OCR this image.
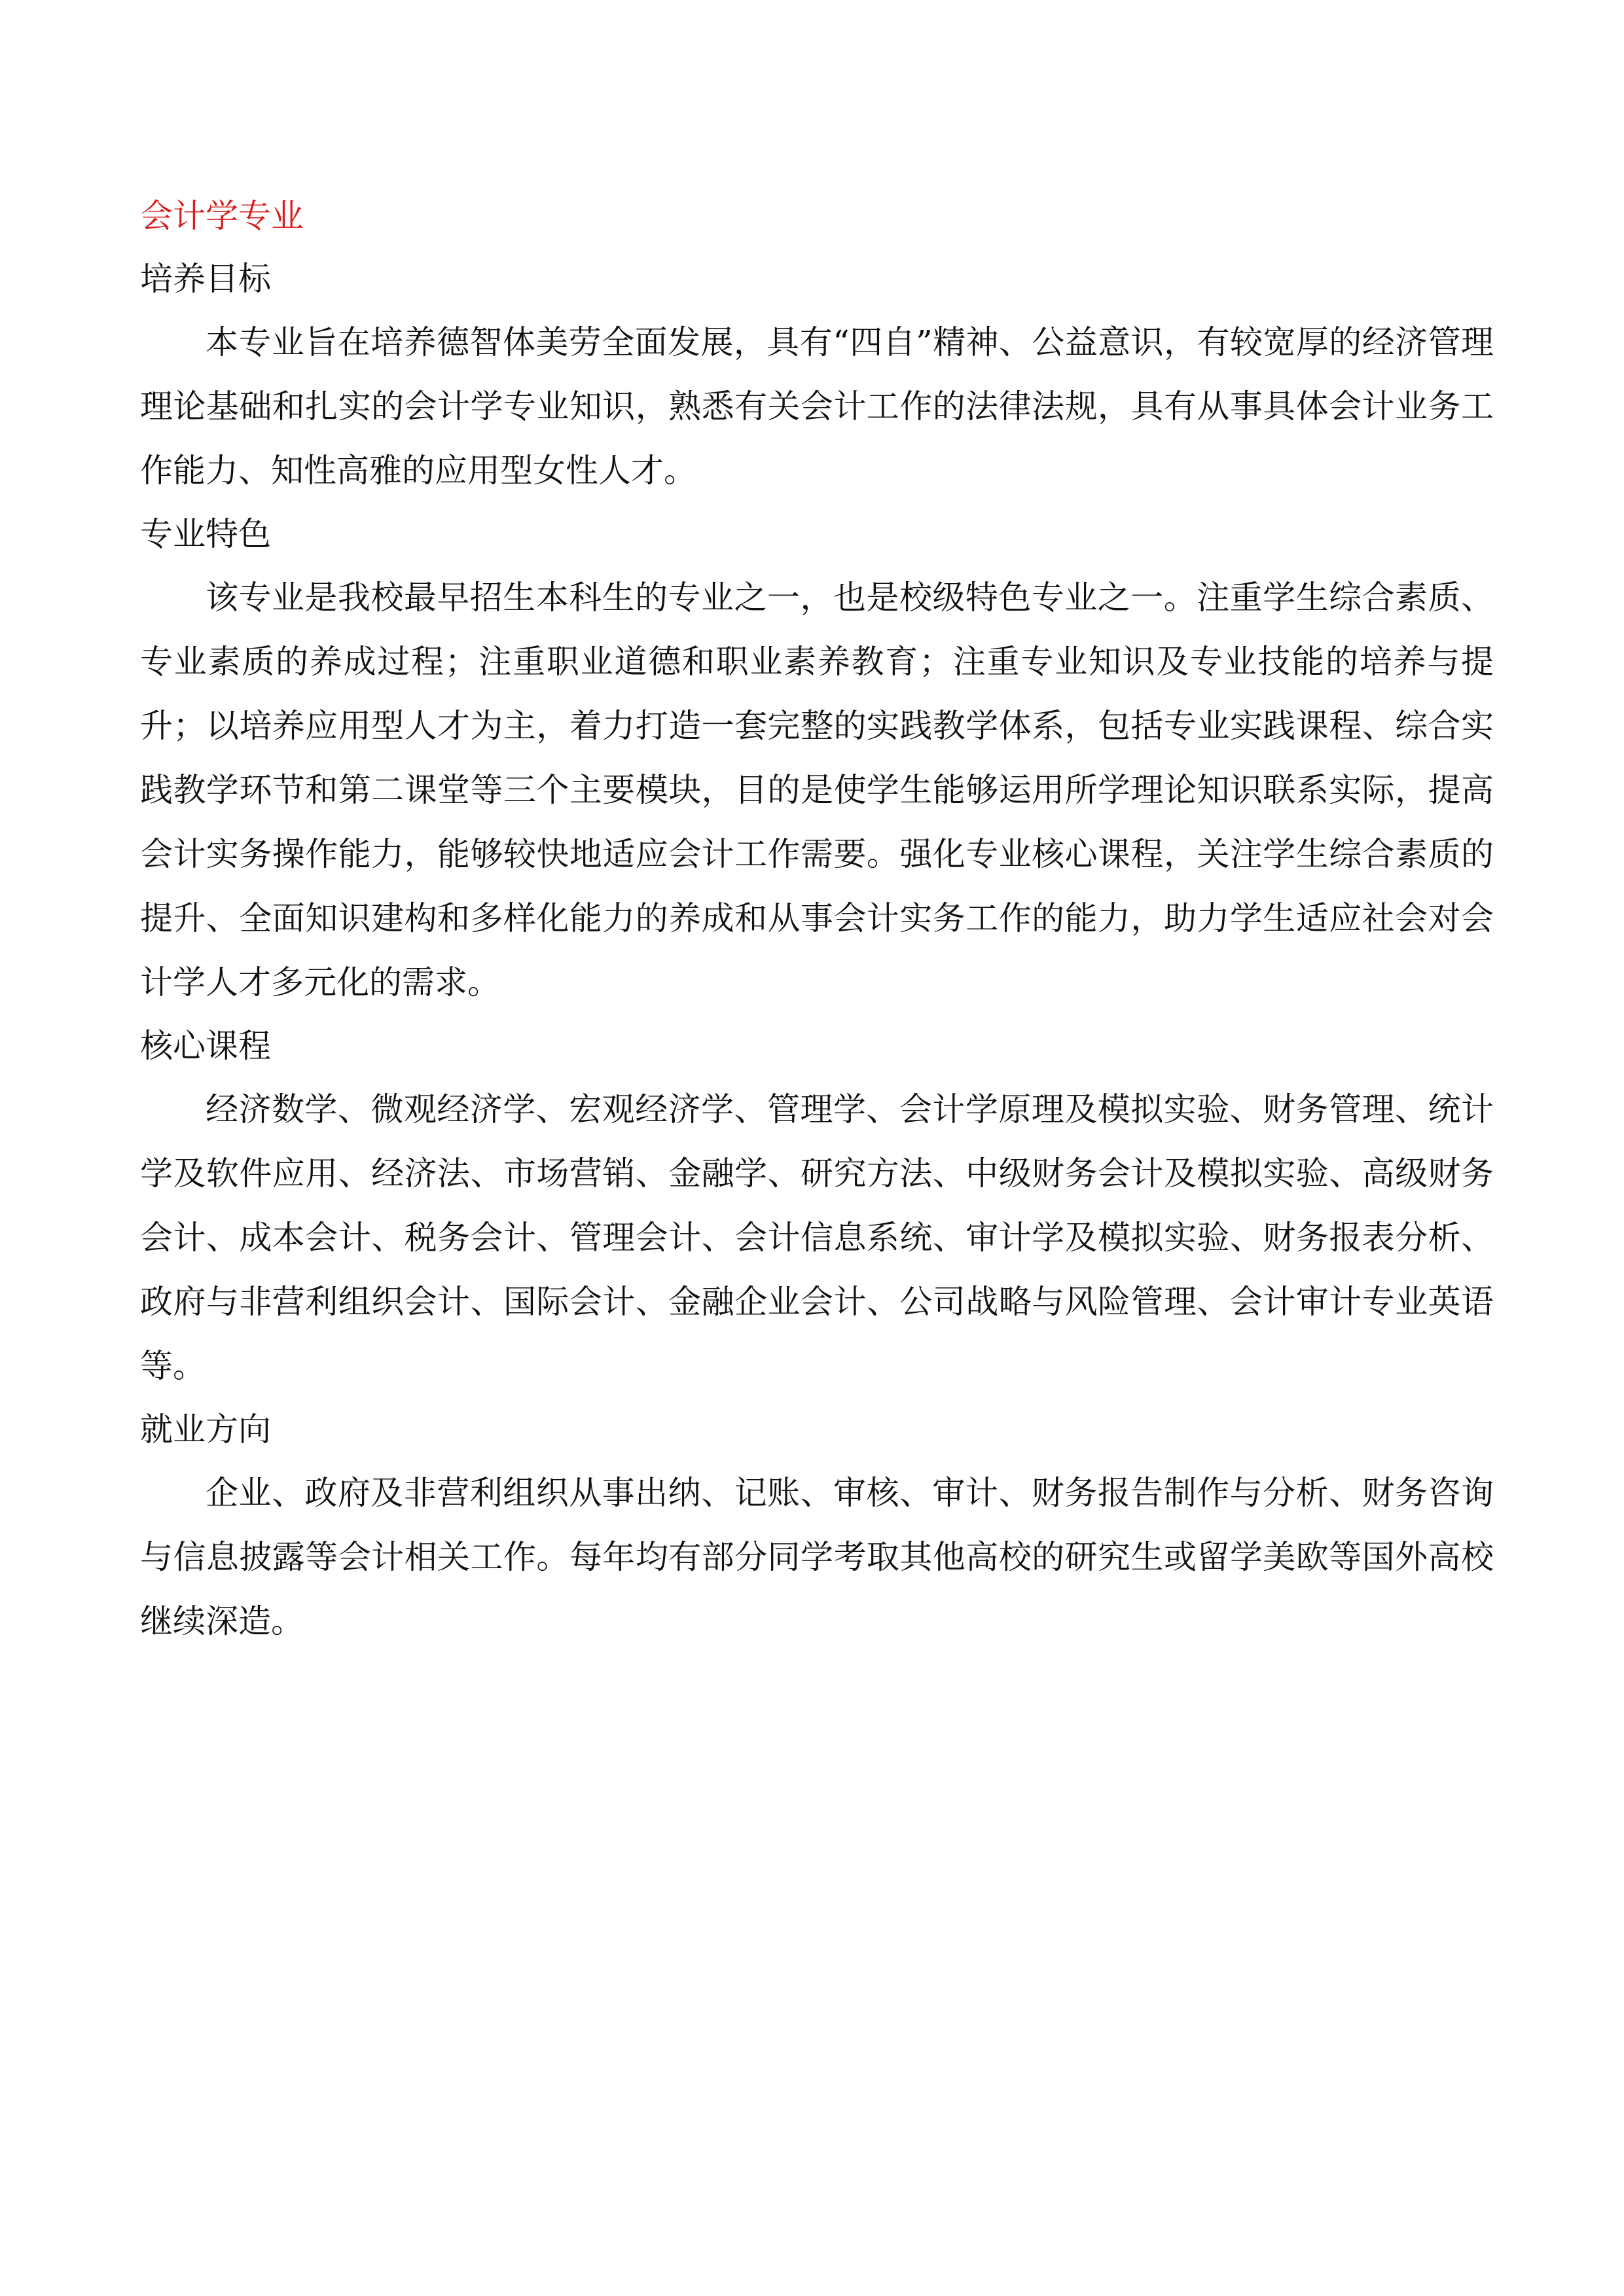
会计学专业
培养目标

本专业旨在培养德智体美劳全面发展，具有“四自”精神、公益意识，有较宽厚的经济管理理论基础和扎实的会计学专业知识，熟悉有关会计工作的法律法规，具有从事具体会计业务工作能力、知性高雅的应用型女性人才。

专业特色

该专业是我校最早招生本科生的专业之一，也是校级特色专业之一。注重学生综合素质、专业素质的养成过程；注重职业道德和职业素养教育；注重专业知识及专业技能的培养与提升；以培养应用型人才为主，着力打造一套完整的实践教学体系，包括专业实践课程、综合实践教学环节和第二课堂等三个主要模块，目的是使学生能够运用所学理论知识联系实际，提高会计实务操作能力，能够较快地适应会计工作需要。强化专业核心课程，关注学生综合素质的提升、全面知识建构和多样化能力的养成和从事会计实务工作的能力，助力学生适应社会对会计学人才多元化的需求。

核心课程

经济数学、微观经济学、宏观经济学、管理学、会计学原理及模拟实验、财务管理、统计学及软件应用、经济法、市场营销、金融学、研究方法、中级财务会计及模拟实验、高级财务会计、成本会计、税务会计、管理会计、会计信息系统、审计学及模拟实验、财务报表分析、政府与非营利组织会计、国际会计、金融企业会计、公司战略与风险管理、会计审计专业英语等。

就业方向

企业、政府及非营利组织从事出纳、记账、审核、审计、财务报告制作与分析、财务咨询与信息披露等会计相关工作。每年均有部分同学考取其他高校的研究生或留学美欧等国外高校继续深造。
